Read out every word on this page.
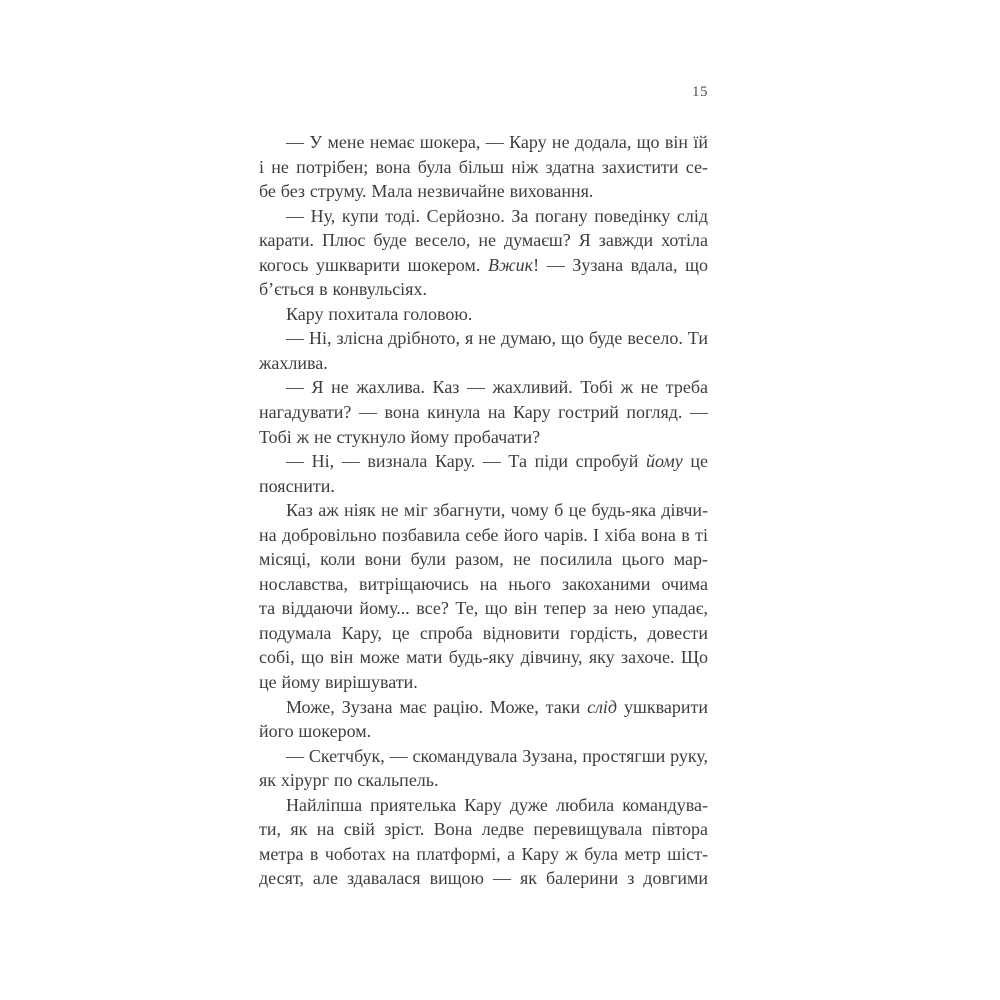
15
— У мене немає шокера, — Кару не додала, що він їй
і не потрібен; вона була більш ніж здатна захистити се-
бе без струму. Мала незвичайне виховання.
— Ну, купи тоді. Серйозно. За погану поведінку слід
карати. Плюс буде весело, не думаєш? Я завжди хотіла
когось ушкварити шокером. Вжик! — Зузана вдала, що
б’ється в конвульсіях.
Кару похитала головою.
— Ні, злісна дрібното, я не думаю, що буде весело. Ти
жахлива.
— Я не жахлива. Каз — жахливий. Тобі ж не треба
нагадувати? — вона кинула на Кару гострий погляд. —
Тобі ж не стукнуло йому пробачати?
— Ні, — визнала Кару. — Та піди спробуй йому це
пояснити.
Каз аж ніяк не міг збагнути, чому б це будь-яка дівчи-
на добровільно позбавила себе його чарів. І хіба вона в ті
місяці, коли вони були разом, не посилила цього мар-
нославства, витріщаючись на нього закоханими очима
та віддаючи йому... все? Те, що він тепер за нею упадає,
подумала Кару, це спроба відновити гордість, довести
собі, що він може мати будь-яку дівчину, яку захоче. Що
це йому вирішувати.
Може, Зузана має рацію. Може, таки слід ушкварити
його шокером.
— Скетчбук, — скомандувала Зузана, простягши руку,
як хірург по скальпель.
Найліпша приятелька Кару дуже любила командува-
ти, як на свій зріст. Вона ледве перевищувала півтора
метра в чоботах на платформі, а Кару ж була метр шіст-
десят, але здавалася вищою — як балерини з довгими
